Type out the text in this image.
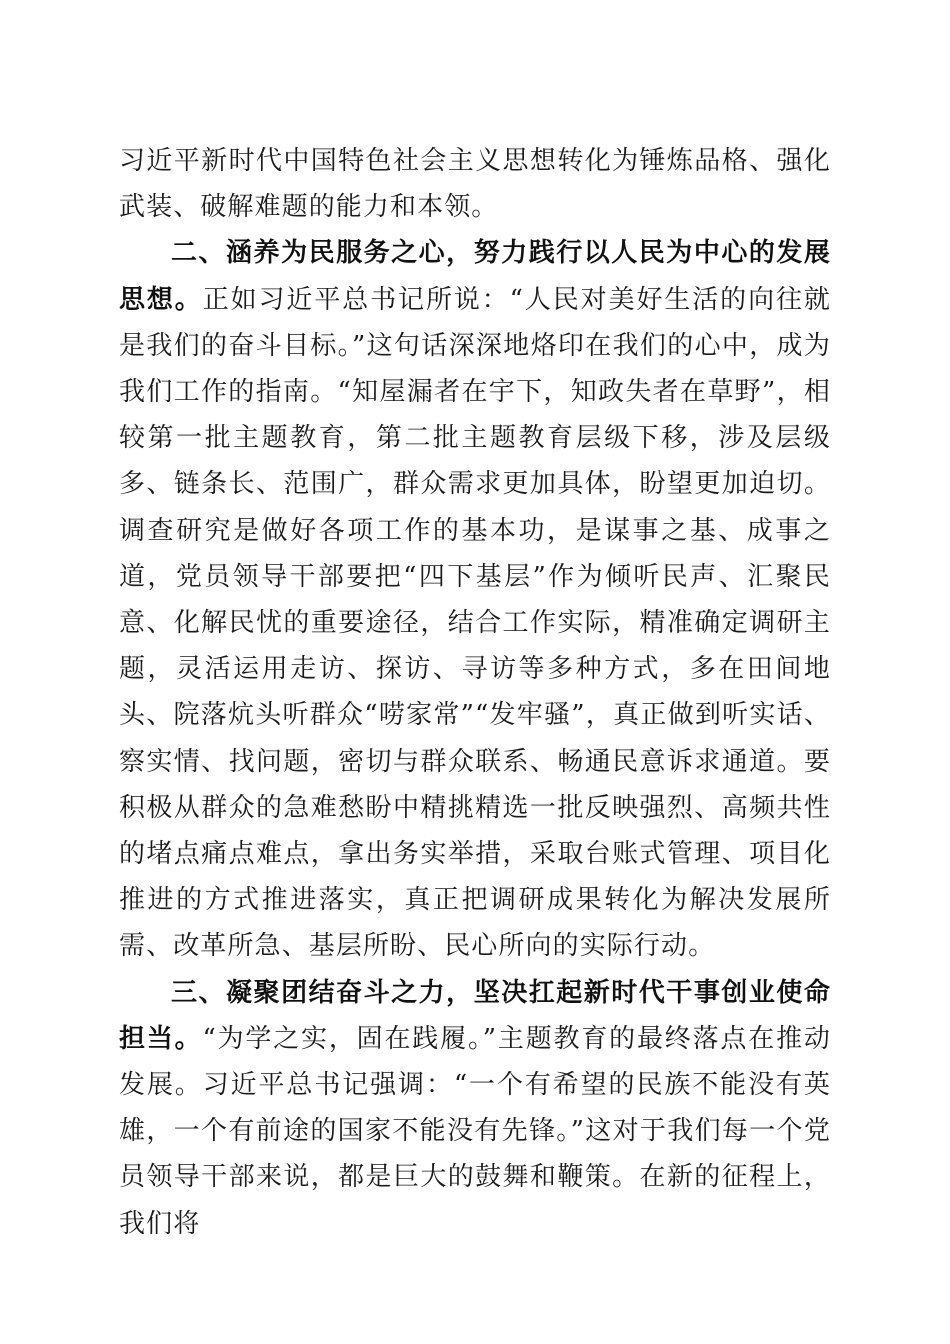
习近平新时代中国特色社会主义思想转化为锤炼品格、强化武装、破解难题的能力和本领。

二、涵养为民服务之心，努力践行以人民为中心的发展思想。正如习近平总书记所说：“人民对美好生活的向往就是我们的奋斗目标。”这句话深深地烙印在我们的心中，成为我们工作的指南。“知屋漏者在宇下，知政失者在草野”，相较第一批主题教育，第二批主题教育层级下移，涉及层级多、链条长、范围广，群众需求更加具体，盼望更加迫切。调查研究是做好各项工作的基本功，是谋事之基、成事之道，党员领导干部要把“四下基层”作为倾听民声、汇聚民意、化解民忧的重要途径，结合工作实际，精准确定调研主题，灵活运用走访、探访、寻访等多种方式，多在田间地头、院落炕头听群众“唠家常”“发牢骚”，真正做到听实话、察实情、找问题，密切与群众联系、畅通民意诉求通道。要积极从群众的急难愁盼中精挑精选一批反映强烈、高频共性的堵点痛点难点，拿出务实举措，采取台账式管理、项目化推进的方式推进落实，真正把调研成果转化为解决发展所需、改革所急、基层所盼、民心所向的实际行动。

三、凝聚团结奋斗之力，坚决扛起新时代干事创业使命担当。“为学之实，固在践履。”主题教育的最终落点在推动发展。习近平总书记强调：“一个有希望的民族不能没有英雄，一个有前途的国家不能没有先锋。”这对于我们每一个党员领导干部来说，都是巨大的鼓舞和鞭策。在新的征程上，我们将
